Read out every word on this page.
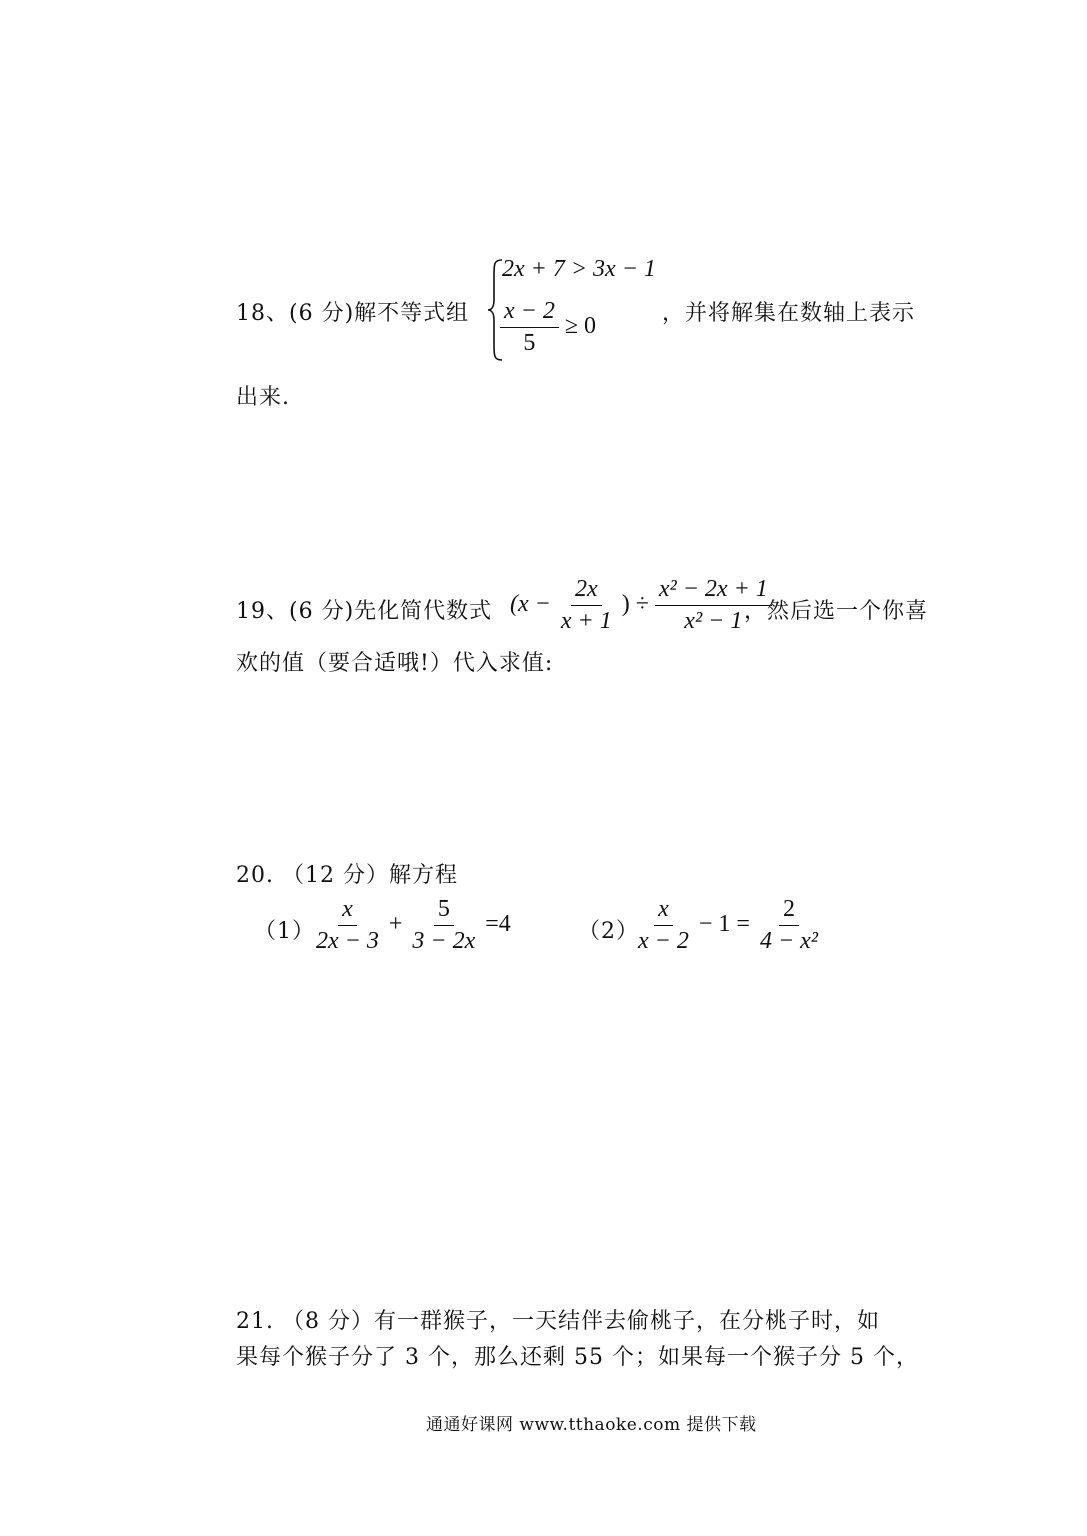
18、(6 分)解不等式组
2x + 7 > 3x − 1
$\frac{x - 2}{5} \ge 0$	，并将解集在数轴上表示
出来.
19、(6 分)先化简代数式 ($x - \frac{2x}{x + 1}$ ) ÷ $\frac{\text{x² − 2x + 1}}{\text{x² − 1}}$
，然后选一个你喜
欢的值（要合适哦!）代入求值:
20. （12 分）解方程
（1）
$\frac{x}{2x - 3} + \frac{5}{3 - 2x} =4$	（2）
$\frac{x}{x - 2} - 1 = \frac{2}{\text{4 − x²}}$
21. （8 分）有一群猴子，一天结伴去偷桃子，在分桃子时，如
果每个猴子分了 3 个，那么还剩 55 个；如果每一个猴子分 5 个，
通通好课网 www.tthaoke.com 提供下载
